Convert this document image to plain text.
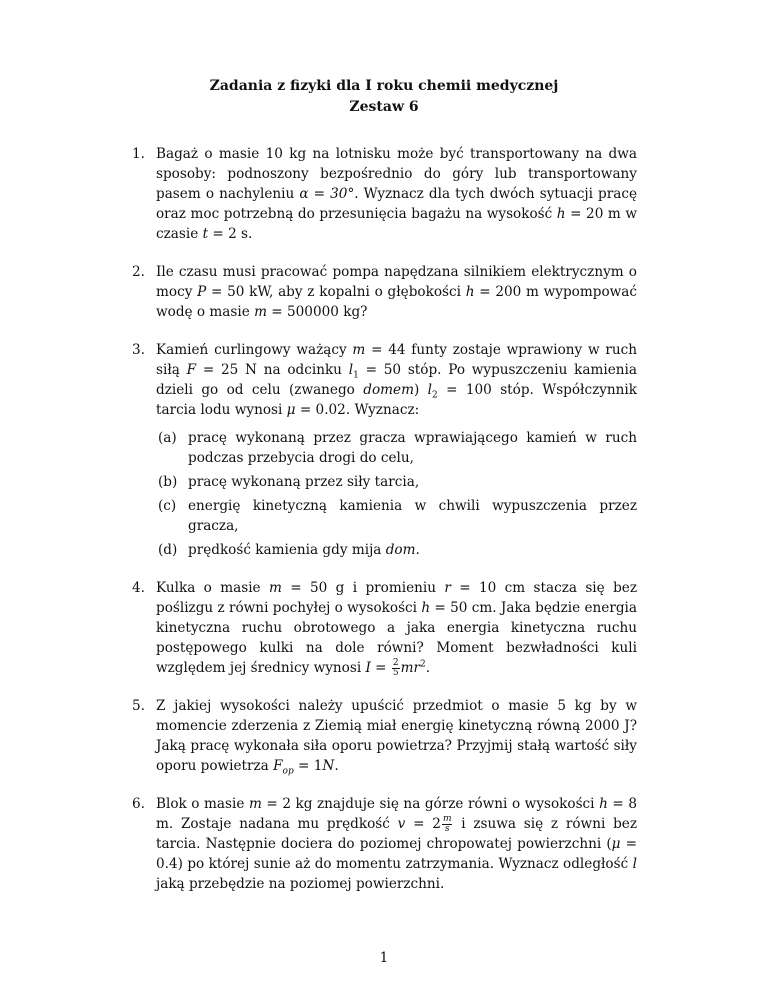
Zadania z fizyki dla I roku chemii medycznej
Zestaw 6
1. Bagaż o masie 10 kg na lotnisku może być transportowany na dwa sposoby: podnoszony bezpośrednio do góry lub transportowany pasem o nachyleniu α = 30°. Wyznacz dla tych dwóch sytuacji pracę oraz moc potrzebną do przesunięcia bagażu na wysokość h = 20 m w czasie t = 2 s.
2. Ile czasu musi pracować pompa napędzana silnikiem elektrycznym o mocy P = 50 kW, aby z kopalni o głębokości h = 200 m wypompować wodę o masie m = 500000 kg?
3. Kamień curlingowy ważący m = 44 funty zostaje wprawiony w ruch siłą F = 25 N na odcinku $l_1 = 50$ stóp. Po wypuszczeniu kamienia dzieli go od celu (zwanego domem) $l_2 = 100$ stóp. Współczynnik tarcia lodu wynosi μ = 0.02. Wyznacz:
(a) pracę wykonaną przez gracza wprawiającego kamień w ruch podczas przebycia drogi do celu,
(b) pracę wykonaną przez siły tarcia,
(c) energię kinetyczną kamienia w chwili wypuszczenia przez gracza,
(d) prędkość kamienia gdy mija dom.
4. Kulka o masie m = 50 g i promieniu r = 10 cm stacza się bez poślizgu z równi pochyłej o wysokości h = 50 cm. Jaka będzie energia kinetyczna ruchu obrotowego a jaka energia kinetyczna ruchu postępowego kulki na dole równi? Moment bezwładności kuli względem jej średnicy wynosi $I = \frac{2}{5} mr^2$.
5. Z jakiej wysokości należy upuścić przedmiot o masie 5 kg by w momencie zderzenia z Ziemią miał energię kinetyczną równą 2000 J? Jaką pracę wykonała siła oporu powietrza? Przyjmij stałą wartość siły oporu powietrza $F_{op} = 1N$.
6. Blok o masie m = 2 kg znajduje się na górze równi o wysokości h = 8 m. Zostaje nadana mu prędkość $v = 2 \frac{m}{s}$ i zsuwa się z równi bez tarcia. Następnie dociera do poziomej chropowatej powierzchni (μ = 0.4) po której sunie aż do momentu zatrzymania. Wyznacz odległość l jaką przebędzie na poziomej powierzchni.
1
